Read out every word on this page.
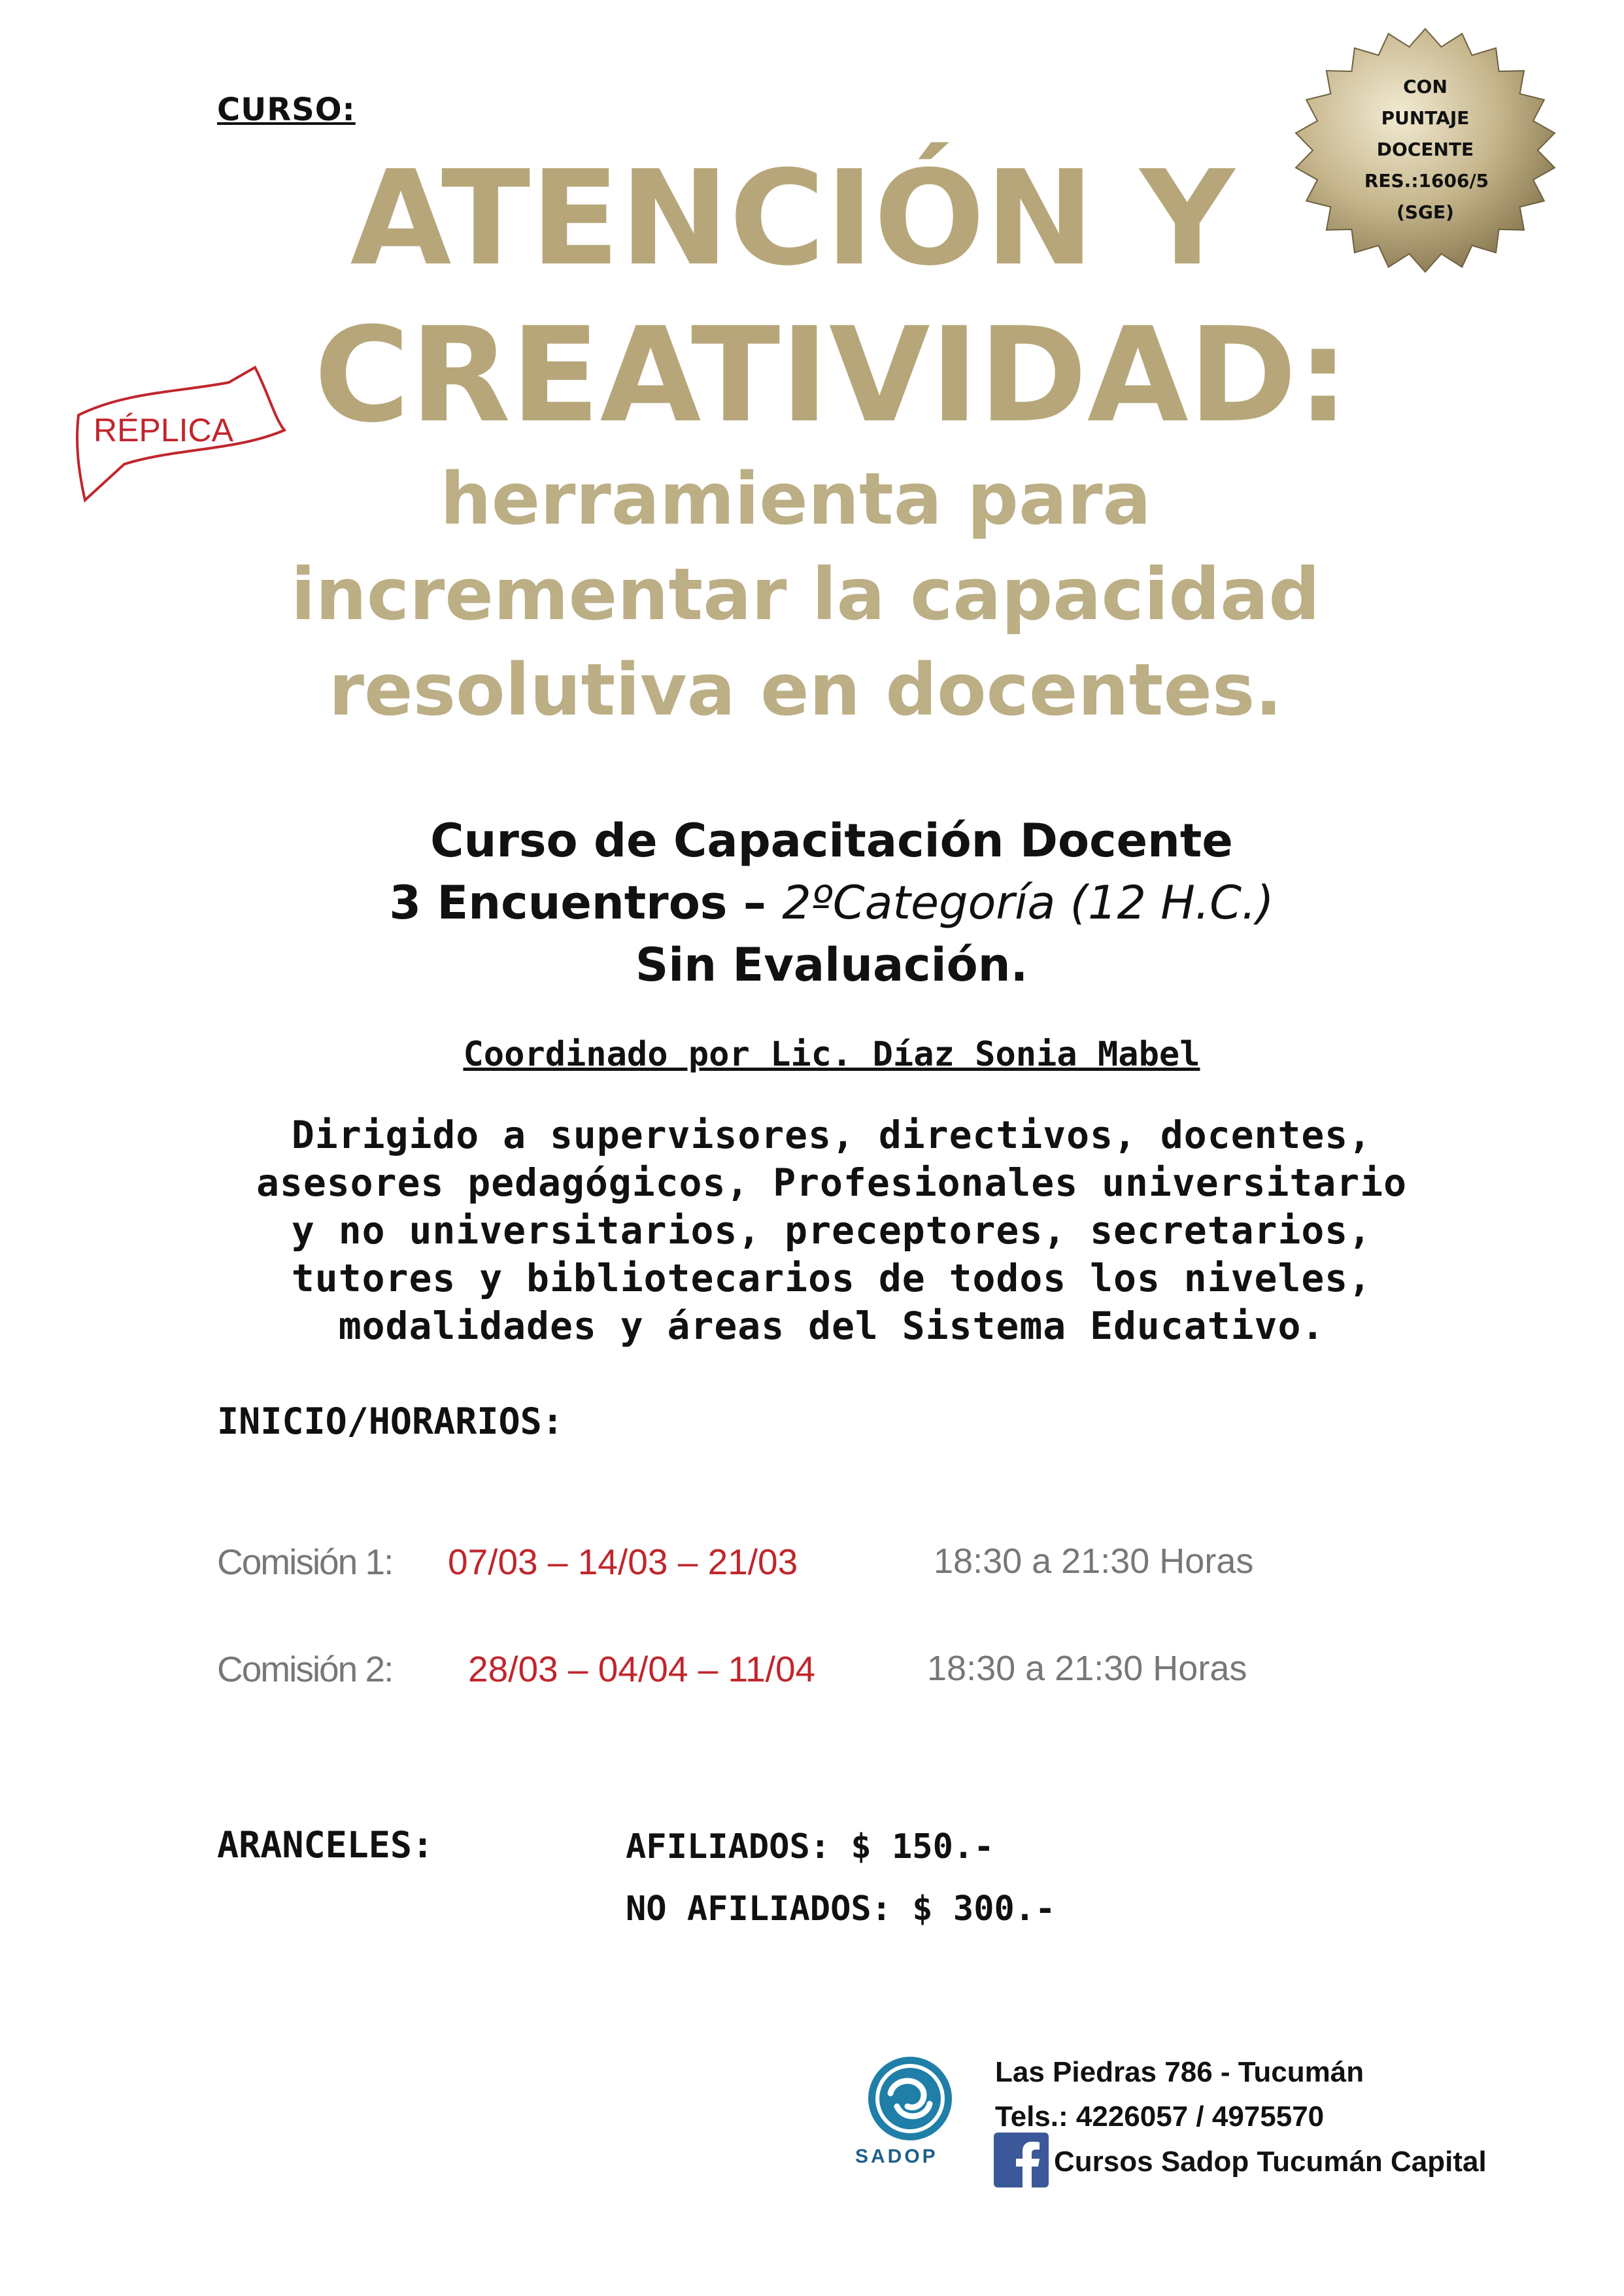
CURSO:
CON
PUNTAJE
DOCENTE
RES.:1606/5
(SGE)
RÉPLICA
ATENCIÓN Y
CREATIVIDAD:
herramienta para
incrementar la capacidad
resolutiva en docentes.
Curso de Capacitación Docente
3 Encuentros – 2ºCategoría (12 H.C.)
Sin Evaluación.
Coordinado por Lic. Díaz Sonia Mabel
Dirigido a supervisores, directivos, docentes,
asesores pedagógicos, Profesionales universitario
y no universitarios, preceptores, secretarios,
tutores y bibliotecarios de todos los niveles,
modalidades y áreas del Sistema Educativo.
INICIO/HORARIOS:
Comisión 1: 07/03 – 14/03 – 21/03	18:30 a 21:30 Horas
Comisión 2: 28/03 – 04/04 – 11/04	18:30 a 21:30 Horas
ARANCELES:	AFILIADOS: $ 150.-
NO AFILIADOS: $ 300.-
SADOP
Las Piedras 786 - Tucumán
Tels.: 4226057 / 4975570
Cursos Sadop Tucumán Capital
